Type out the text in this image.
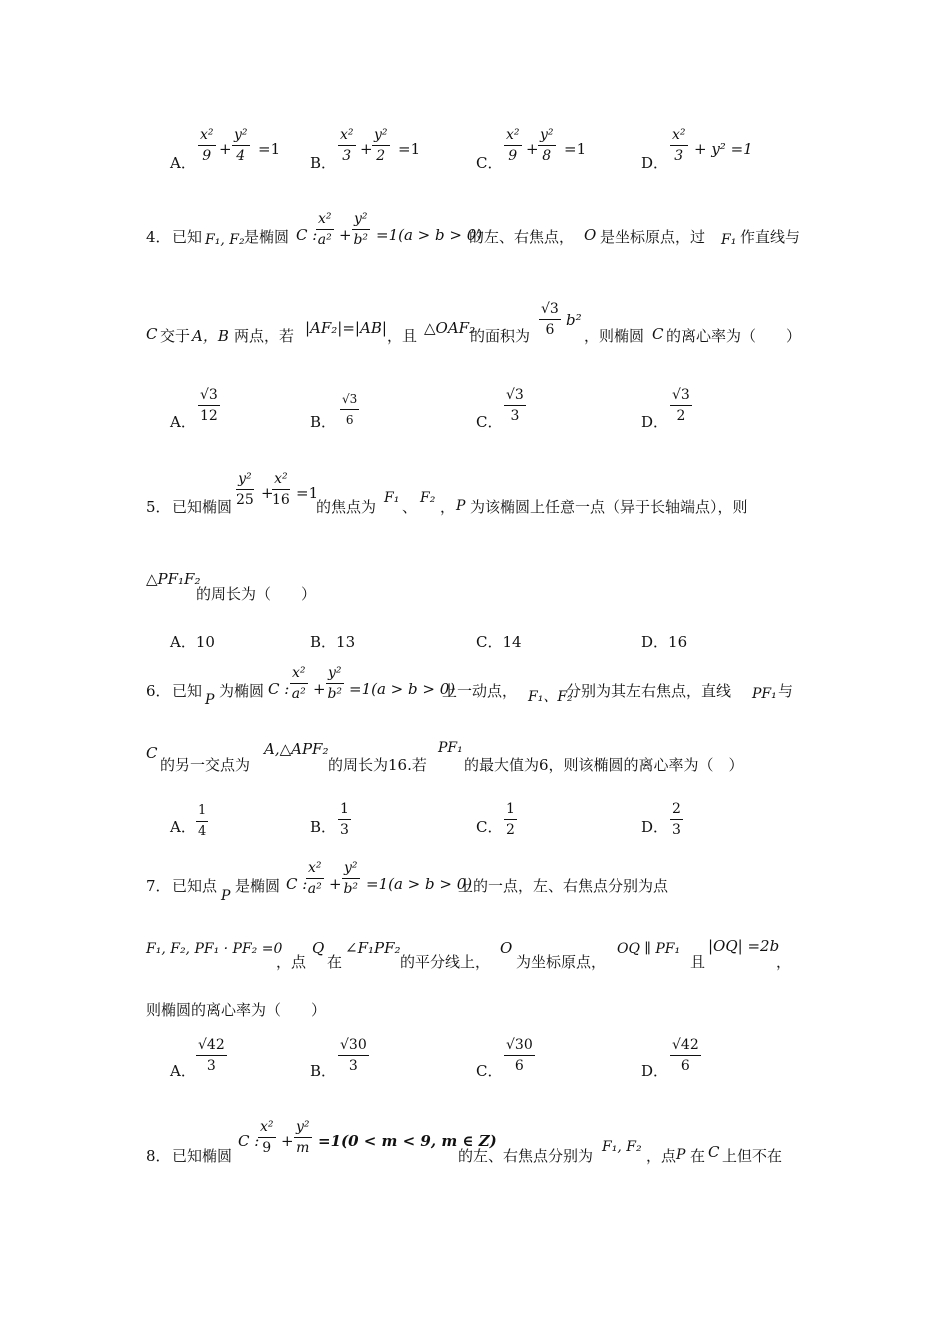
A． $\frac{\text{x²}}{9} + \frac{\text{y²}}{4} =1$
B． $\frac{\text{x²}}{3} + \frac{\text{y²}}{2} =1$
C． $\frac{\text{x²}}{9} + \frac{\text{y²}}{8} =1$
D． $\frac{\text{x²}}{3} + y^2 =1$
4． 已知 F₁, F₂ 是椭圆 C :
$\frac{\text{x²}}{\text{a²}} + \frac{\text{y²}}{\text{b²}} =1(a > b > 0)$
的左、右焦点， O 是坐标原点，过 F₁ 作直线与
C 交于 A，B 两点，若 |AF₂|=|AB| ，且 △OAF₂
的面积为 $\frac{√3}{6} b^2$
，则椭圆 C 的离心率为（　　）
A． $\frac{√3}{12}$	B． $\frac{√3}{6}$	C． $\frac{√3}{3}$	D． $\frac{√3}{2}$
5． 已知椭圆 $\frac{\text{y²}}{25}$ +
$\frac{\text{x²}}{16} =1$
的焦点为 F₁ 、 F₂ ， P 为该椭圆上任意一点（异于长轴端点），则
△PF₁F₂
的周长为（　　）
A．10	B．13	C．14	D．16
6． 已知 P 为椭圆 C : $\frac{\text{x²}}{\text{a²}} + \frac{\text{y²}}{\text{b²}} =1(a > b > 0)$
上一动点， F₁、F₂
分别为其左右焦点，直线 PF₁ 与
C
的另一交点为
A,△APF₂
的周长为16.若
PF₁
的最大值为6，则该椭圆的离心率为（　）
A． $\frac{1}{4}$	B． $\frac{1}{3}$	C． $\frac{1}{2}$	D． $\frac{2}{3}$
7． 已知点
P
是椭圆 C :
$\frac{\text{x²}}{\text{a²}} + \frac{\text{y²}}{\text{b²}} =1(a > b > 0)$
上的一点，左、右焦点分别为点
F₁, F₂, PF₁ · PF₂ =0
，点
Q
在
∠F₁PF₂
的平分线上，
O
为坐标原点，
OQ ∥ PF₁
且
|OQ| =2b
，
则椭圆的离心率为（　　）
A． $\frac{√42}{3}$	B． $\frac{√30}{3}$	C． $\frac{√30}{6}$	D． $\frac{√42}{6}$
8． 已知椭圆
C :
$\frac{\text{x²}}{9} + \frac{\text{y²}}{m} =1(0 < m < 9$, m ∈ Z)
的左、右焦点分别为 F₁, F₂ ，点 P 在 C 上但不在
